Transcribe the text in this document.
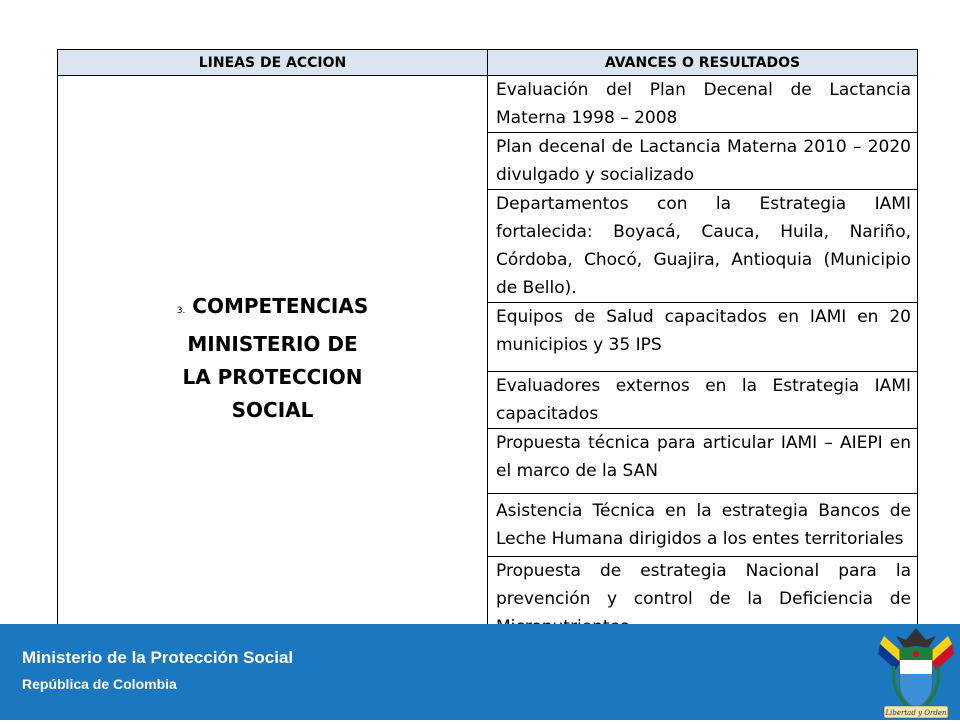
LINEAS DE ACCION	AVANCES O RESULTADOS

3. COMPETENCIAS
MINISTERIO DE
LA PROTECCION
SOCIAL	Evaluación del Plan Decenal de Lactancia Materna 1998 – 2008
	Plan decenal de Lactancia Materna 2010 – 2020 divulgado y socializado
	Departamentos con la Estrategia IAMI fortalecida: Boyacá, Cauca, Huila, Nariño, Córdoba, Chocó, Guajira, Antioquia (Municipio de Bello).
	Equipos de Salud capacitados en IAMI en 20 municipios y 35 IPS
	Evaluadores externos en la Estrategia IAMI capacitados
	Propuesta técnica para articular IAMI – AIEPI en el marco de la SAN
	Asistencia Técnica en la estrategia Bancos de Leche Humana dirigidos a los entes territoriales
	Propuesta de estrategia Nacional para la prevención y control de la Deficiencia de
Ministerio de la Protección Social
República de Colombia
Libertad y Orden
